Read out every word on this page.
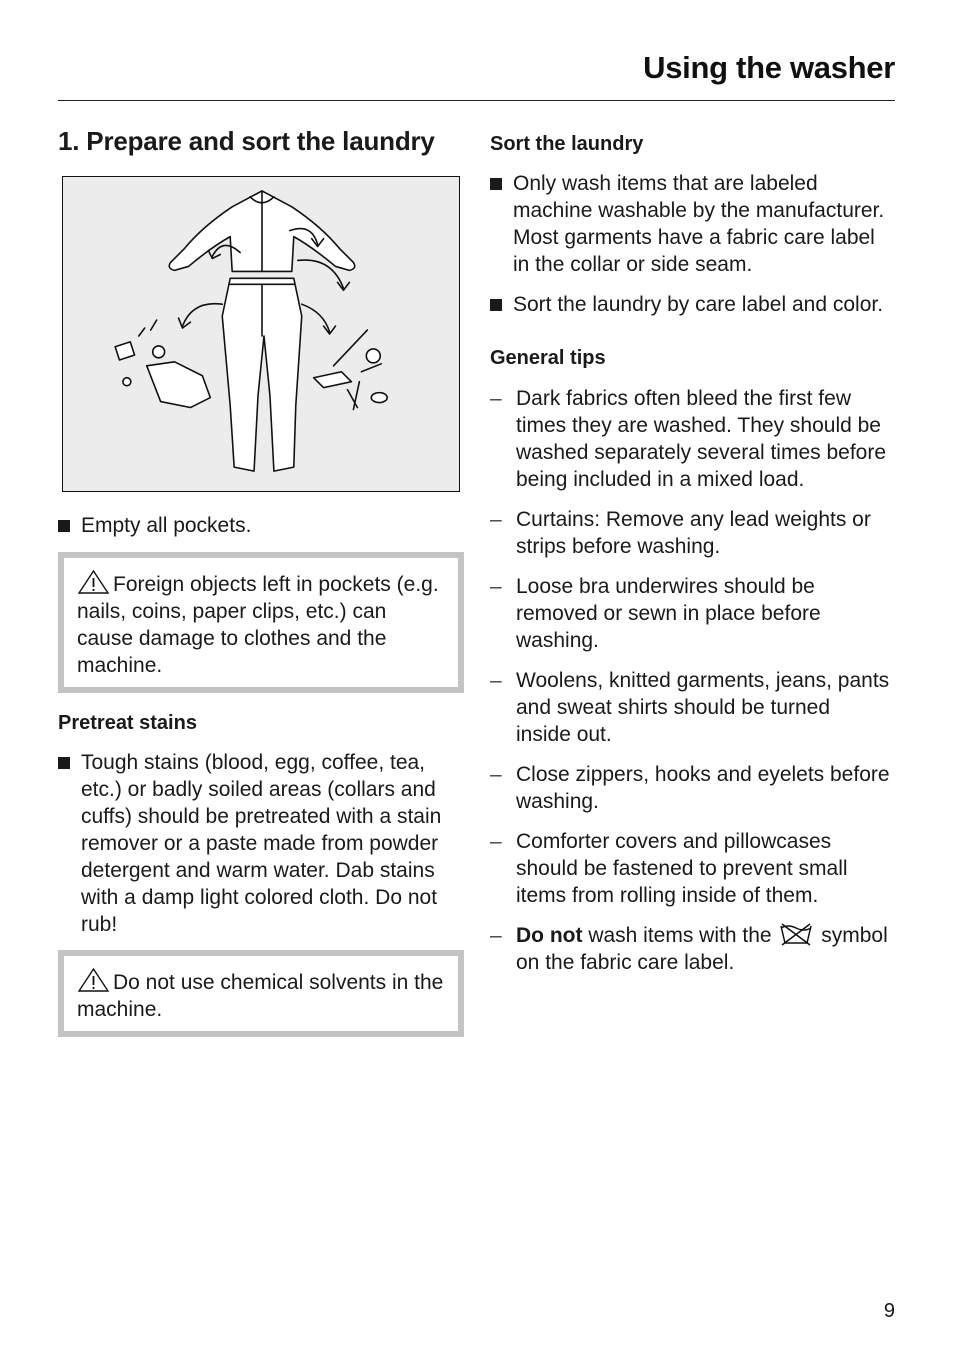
Using the washer
1. Prepare and sort the laundry
Empty all pockets.
Foreign objects left in pockets (e.g. nails, coins, paper clips, etc.) can cause damage to clothes and the machine.
Pretreat stains
Tough stains (blood, egg, coffee, tea, etc.) or badly soiled areas (collars and cuffs) should be pretreated with a stain remover or a paste made from powder detergent and warm water. Dab stains with a damp light colored cloth. Do not rub!
Do not use chemical solvents in the machine.
Sort the laundry
Only wash items that are labeled machine washable by the manufacturer. Most garments have a fabric care label in the collar or side seam.
Sort the laundry by care label and color.
General tips
– Dark fabrics often bleed the first few times they are washed. They should be washed separately several times before being included in a mixed load.
– Curtains: Remove any lead weights or strips before washing.
– Loose bra underwires should be removed or sewn in place before washing.
– Woolens, knitted garments, jeans, pants and sweat shirts should be turned inside out.
– Close zippers, hooks and eyelets before washing.
– Comforter covers and pillowcases should be fastened to prevent small items from rolling inside of them.
– Do not wash items with the  symbol on the fabric care label.
9
